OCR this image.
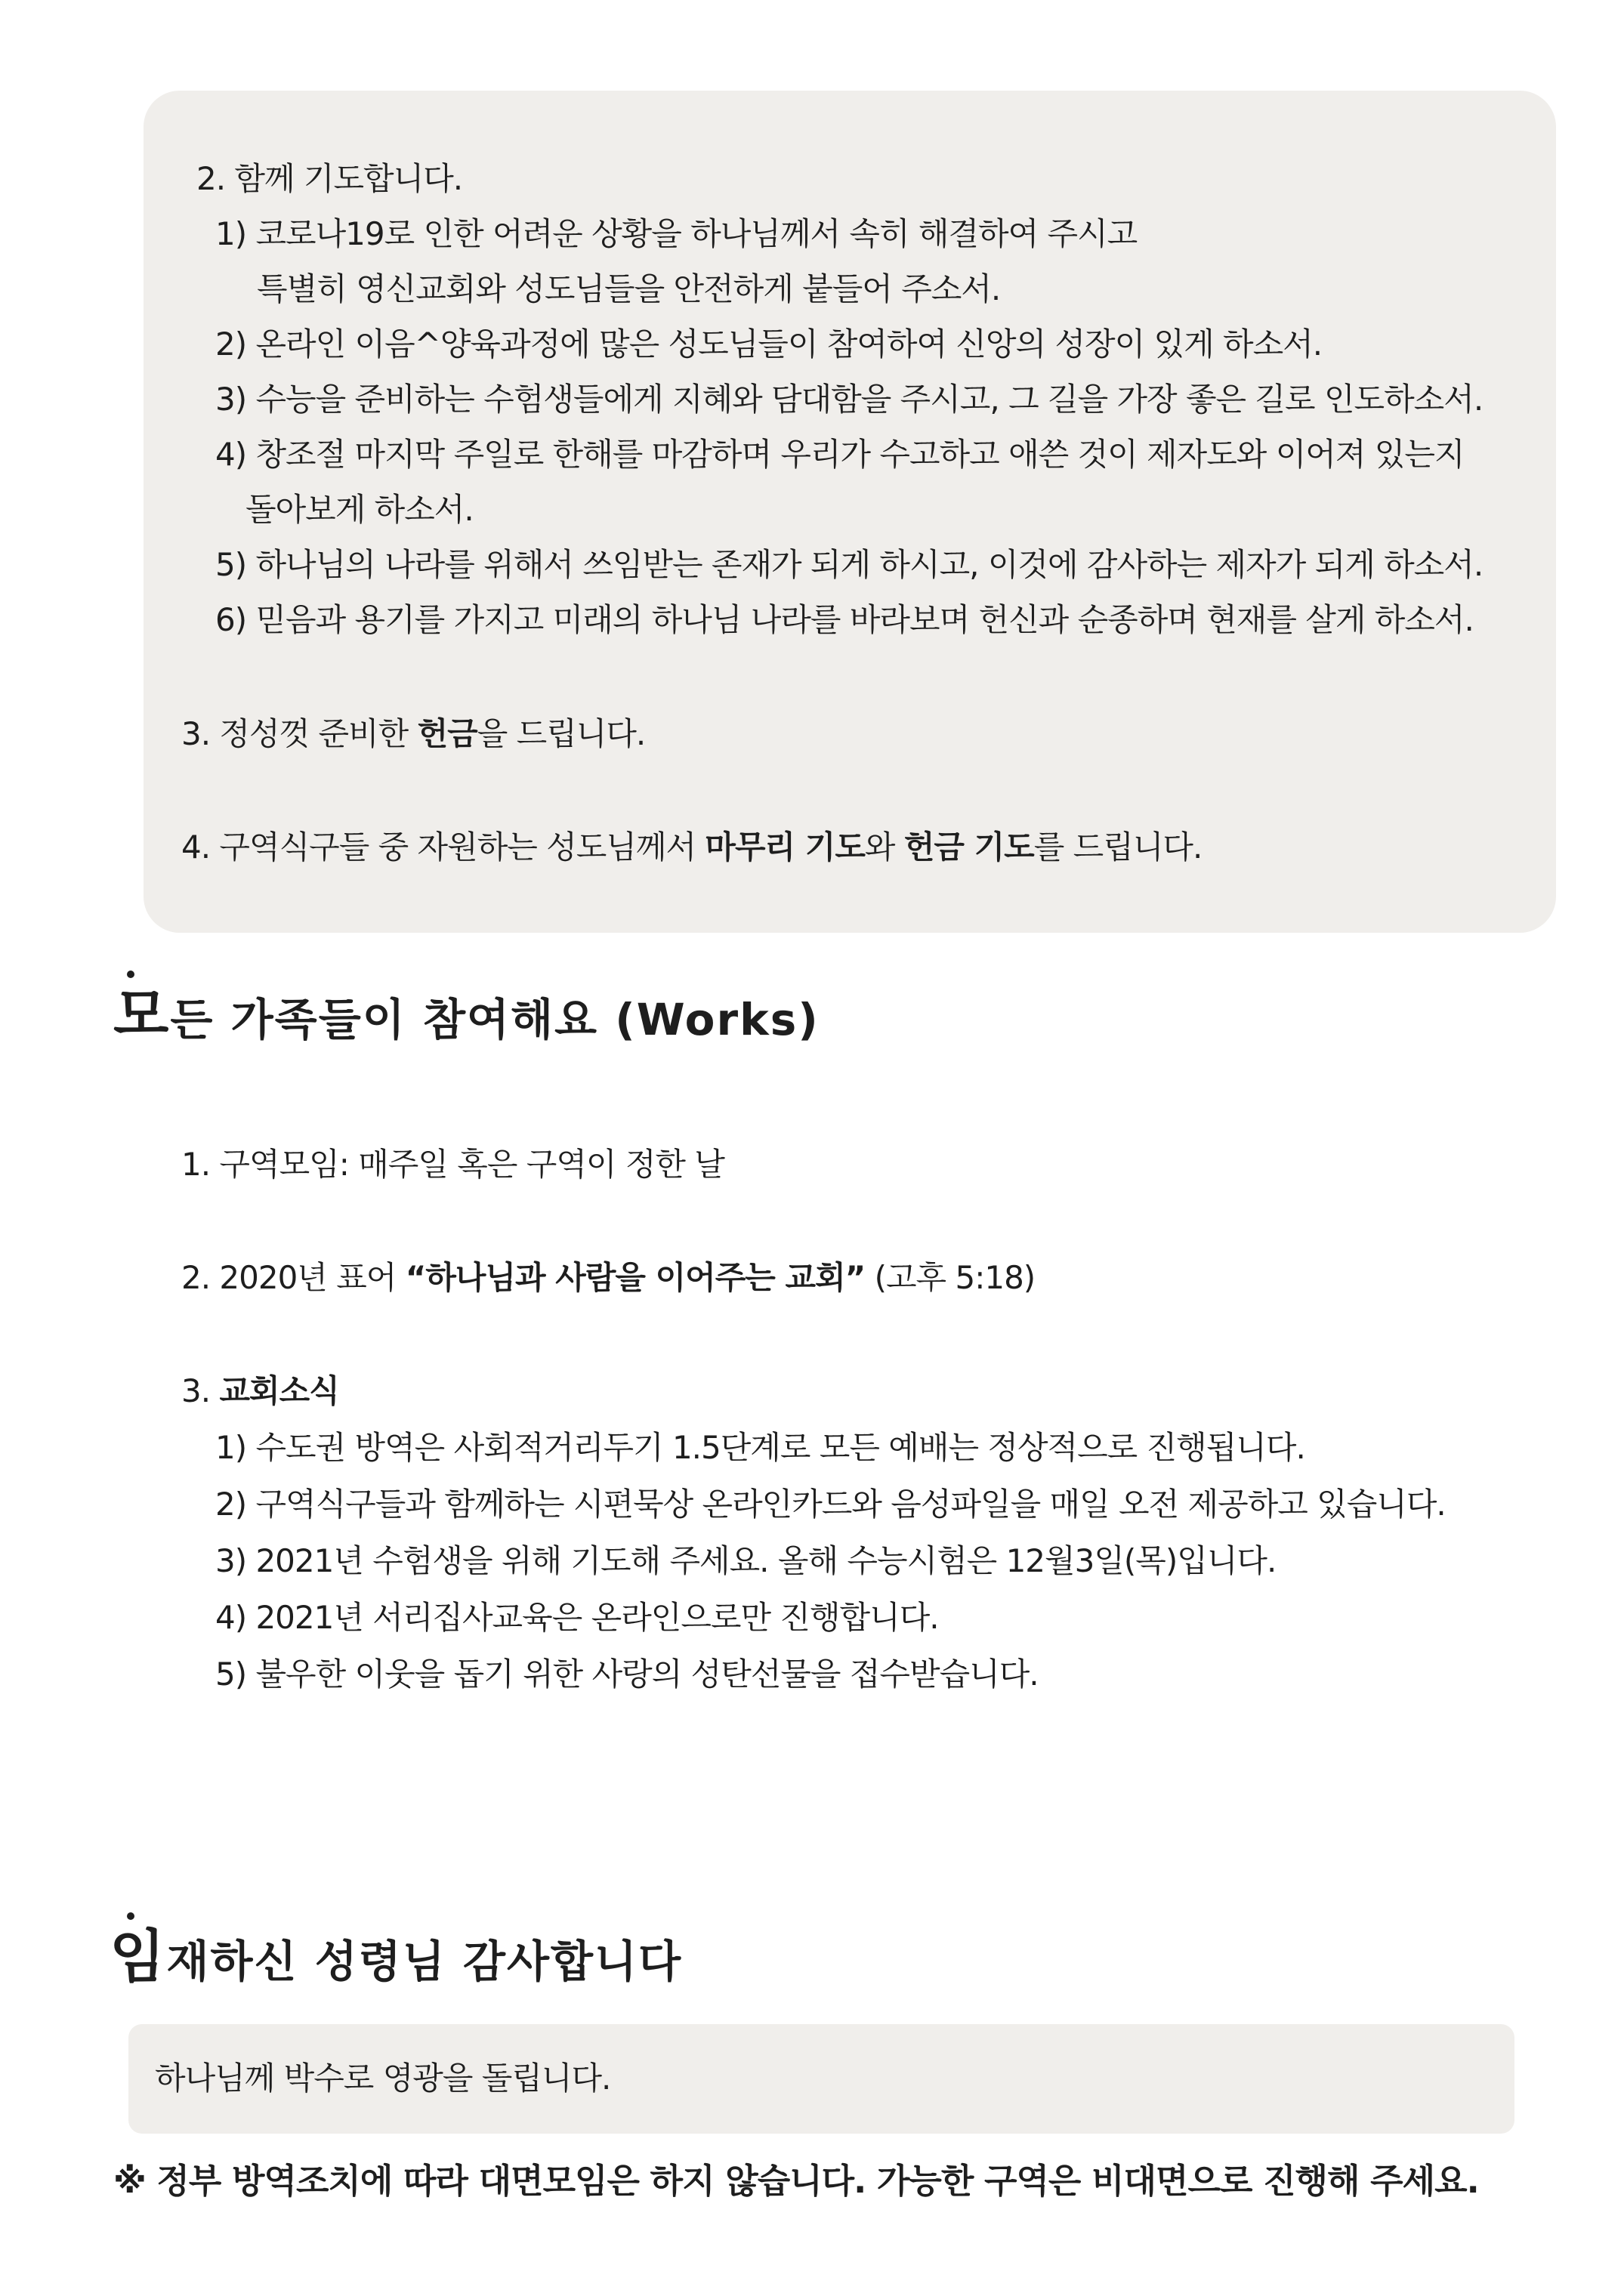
2. 함께 기도합니다.
1) 코로나19로 인한 어려운 상황을 하나님께서 속히 해결하여 주시고
특별히 영신교회와 성도님들을 안전하게 붙들어 주소서.
2) 온라인 이음^양육과정에 많은 성도님들이 참여하여 신앙의 성장이 있게 하소서.
3) 수능을 준비하는 수험생들에게 지혜와 담대함을 주시고, 그 길을 가장 좋은 길로 인도하소서.
4) 창조절 마지막 주일로 한해를 마감하며 우리가 수고하고 애쓴 것이 제자도와 이어져 있는지
돌아보게 하소서.
5) 하나님의 나라를 위해서 쓰임받는 존재가 되게 하시고, 이것에 감사하는 제자가 되게 하소서.
6) 믿음과 용기를 가지고 미래의 하나님 나라를 바라보며 헌신과 순종하며 현재를 살게 하소서.
3. 정성껏 준비한 헌금을 드립니다.
4. 구역식구들 중 자원하는 성도님께서 마무리 기도와 헌금 기도를 드립니다.
모든 가족들이 참여해요 (Works)
1. 구역모임: 매주일 혹은 구역이 정한 날
2. 2020년 표어 “하나님과 사람을 이어주는 교회” (고후 5:18)
3. 교회소식
1) 수도권 방역은 사회적거리두기 1.5단계로 모든 예배는 정상적으로 진행됩니다.
2) 구역식구들과 함께하는 시편묵상 온라인카드와 음성파일을 매일 오전 제공하고 있습니다.
3) 2021년 수험생을 위해 기도해 주세요. 올해 수능시험은 12월3일(목)입니다.
4) 2021년 서리집사교육은 온라인으로만 진행합니다.
5) 불우한 이웃을 돕기 위한 사랑의 성탄선물을 접수받습니다.
임재하신 성령님 감사합니다
하나님께 박수로 영광을 돌립니다.
※ 정부 방역조치에 따라 대면모임은 하지 않습니다. 가능한 구역은 비대면으로 진행해 주세요.
